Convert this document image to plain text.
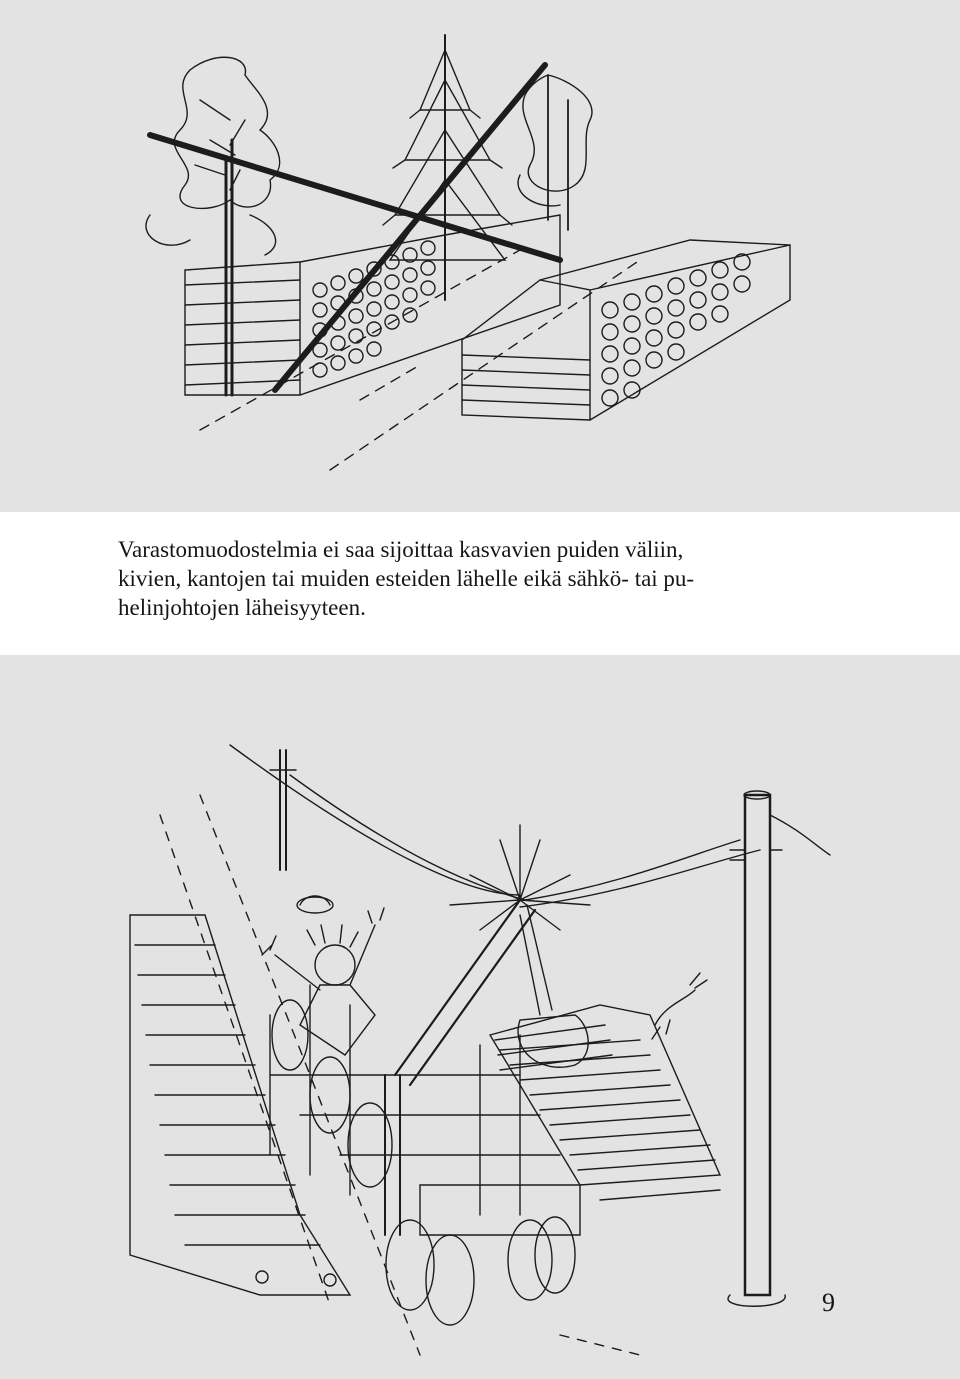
Varastomuodostelmia ei saa sijoittaa kasvavien puiden väliin,
kivien, kantojen tai muiden esteiden lähelle eikä sähkö- tai pu-
helinjohtojen läheisyyteen.

9
